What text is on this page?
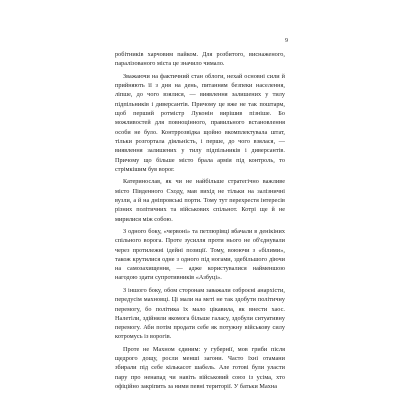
9

робітників харчовим пайком. Для розбитого, виснаженого, паралізованого міста це значило чимало.

Зважаючи на фактичний стан облоги, нехай основні сили й прийняють її з дня на день, питанням безпеки населення, ліпше, до чого взялися, — виявлення залишених у тилу підпільників і диверсантів. Причому це вже не так поштарм, щоб перший ротмістр Луконін вирішив пізніше. Бо можливостей для повноцінного, правильного встановлення особи не було. Контррозвідка щойно вкомплектувала штат, тільки розгортала діяльність, і перше, до чого взялася, — виявлення залишених у тилу підпільників і диверсантів. Причому що більше місто брала армія під контроль, то стрімкішим був ворог.

Катеринослав, як чи не найбільше стратегічно важливе місто Південного Сходу, мав вихід не тільки на залізничні вузли, а й на дніпровські порти. Тому тут перехрестя інтересів різних політичних та військових спільнот. Котрі ще й не мирилися між собою.

З одного боку, «червоні» та петлюрівці вбачали в денікіних спільного ворога. Проте зусилля проти нього не об'єднували через протилежні ідейні позиції. Тому, воюючи з «білими», також крутилися одне з одного під ногами, здебільшого діючи на самозахищення, — адже користувалися найменшою нагодою здати супротивників «Азбуці».

З іншого боку, обом сторонам заважали озброєні анархісти, передусім махновці. Ці мали на меті не так здобути політичну перемогу, бо політика їх мало цікавила, як внести хаос. Налетіли, здійняли якомога більше галасу, здобули ситуативну перемогу. Аби потім продати себе як потужну військову силу котромусь із ворогів.

Проте не Махном єдиним: у губернії, мов гриби після щедрого дощу, росли менші загони. Часто їхні отамани збирали під себе кількасот шабель. Але готові були уласти пару про ненапад чи навіть військовий союз із усіма, хто офіційно закріпить за ними певні території. У батьки Махна
